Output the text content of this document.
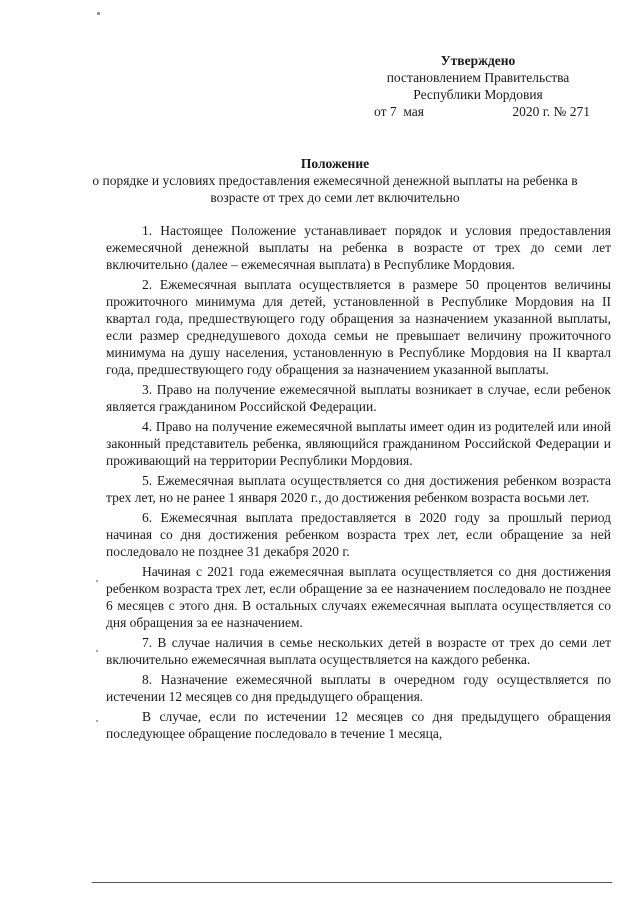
Утверждено
постановлением Правительства
Республики Мордовия
от 7 мая	2020 г. № 271
Положение
о порядке и условиях предоставления ежемесячной денежной выплаты на ребенка в возрасте от трех до семи лет включительно

1. Настоящее Положение устанавливает порядок и условия предоставления ежемесячной денежной выплаты на ребенка в возрасте от трех до семи лет включительно (далее – ежемесячная выплата) в Республике Мордовия.

2. Ежемесячная выплата осуществляется в размере 50 процентов величины прожиточного минимума для детей, установленной в Республике Мордовия на II квартал года, предшествующего году обращения за назначением указанной выплаты, если размер среднедушевого дохода семьи не превышает величину прожиточного минимума на душу населения, установленную в Республике Мордовия на II квартал года, предшествующего году обращения за назначением указанной выплаты.

3. Право на получение ежемесячной выплаты возникает в случае, если ребенок является гражданином Российской Федерации.

4. Право на получение ежемесячной выплаты имеет один из родителей или иной законный представитель ребенка, являющийся гражданином Российской Федерации и проживающий на территории Республики Мордовия.

5. Ежемесячная выплата осуществляется со дня достижения ребенком возраста трех лет, но не ранее 1 января 2020 г., до достижения ребенком возраста восьми лет.

6. Ежемесячная выплата предоставляется в 2020 году за прошлый период начиная со дня достижения ребенком возраста трех лет, если обращение за ней последовало не позднее 31 декабря 2020 г.

Начиная с 2021 года ежемесячная выплата осуществляется со дня достижения ребенком возраста трех лет, если обращение за ее назначением последовало не позднее 6 месяцев с этого дня. В остальных случаях ежемесячная выплата осуществляется со дня обращения за ее назначением.

7. В случае наличия в семье нескольких детей в возрасте от трех до семи лет включительно ежемесячная выплата осуществляется на каждого ребенка.

8. Назначение ежемесячной выплаты в очередном году осуществляется по истечении 12 месяцев со дня предыдущего обращения.

В случае, если по истечении 12 месяцев со дня предыдущего обращения последующее обращение последовало в течение 1 месяца,
